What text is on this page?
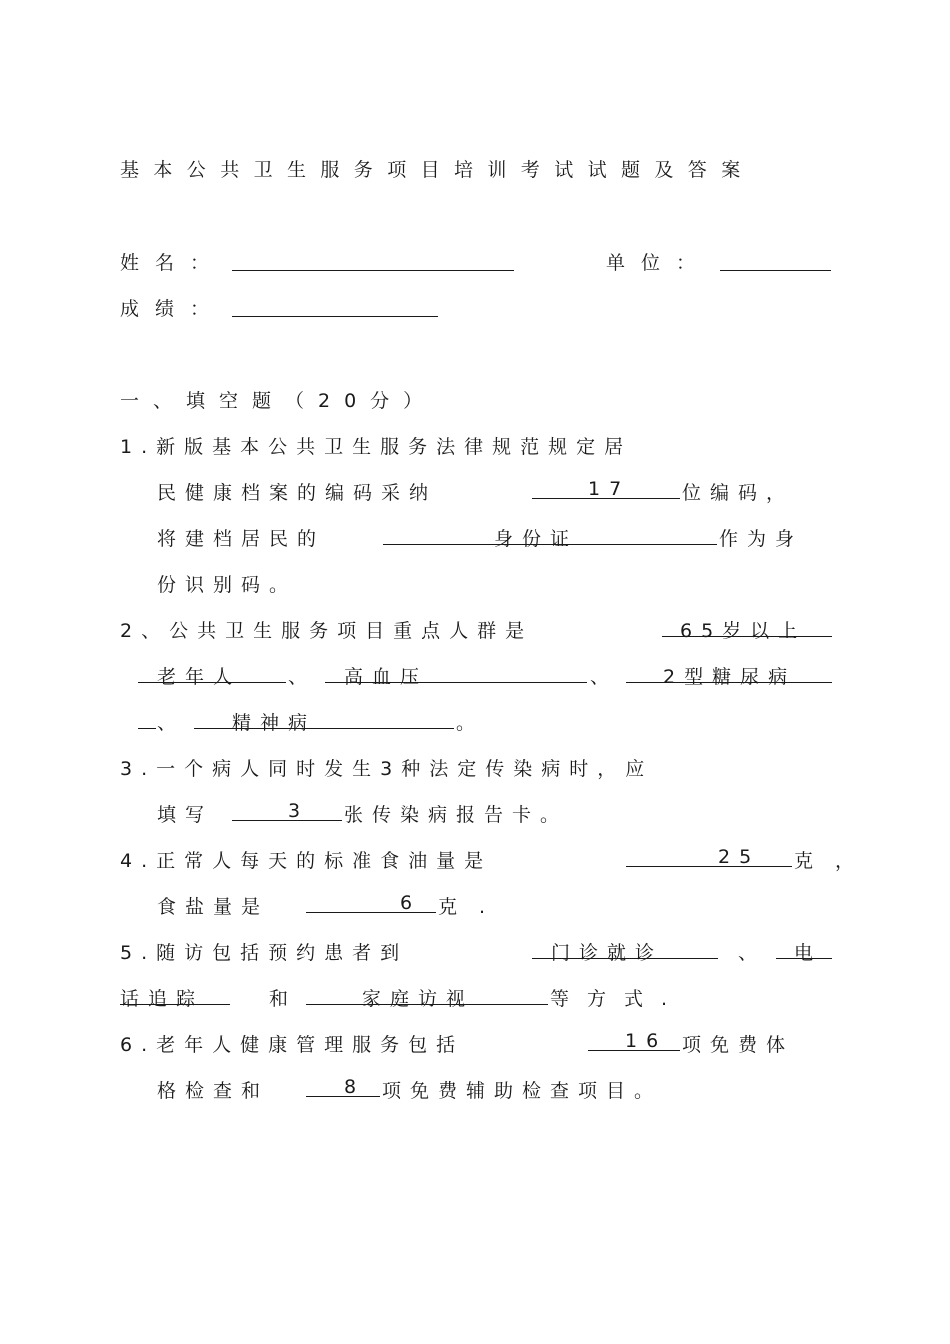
基本公共卫生服务项目培训考试试题及答案
姓名：	单位：
成绩：
一、填空题（20分）
1.新版基本公共卫生服务法律规范规定居
民健康档案的编码采纳	17	位编码，
将建档居民的	身份证	作为身
份识别码。
2、公共卫生服务项目重点人群是	65岁以上
老年人 、 高血压	、 2型糖尿病
、 精神病	。
3.一个病人同时发生3种法定传染病时，应
填写	3 张传染病报告卡。
4.正常人每天的标准食油量是	25 克，
食盐量是	6 克.
5.随访包括预约患者到	门诊就诊	、 电
话追踪	和	家庭访视	等方式.
6.老年人健康管理服务包括	16 项免费体
格检查和	8 项免费辅助检查项目。
